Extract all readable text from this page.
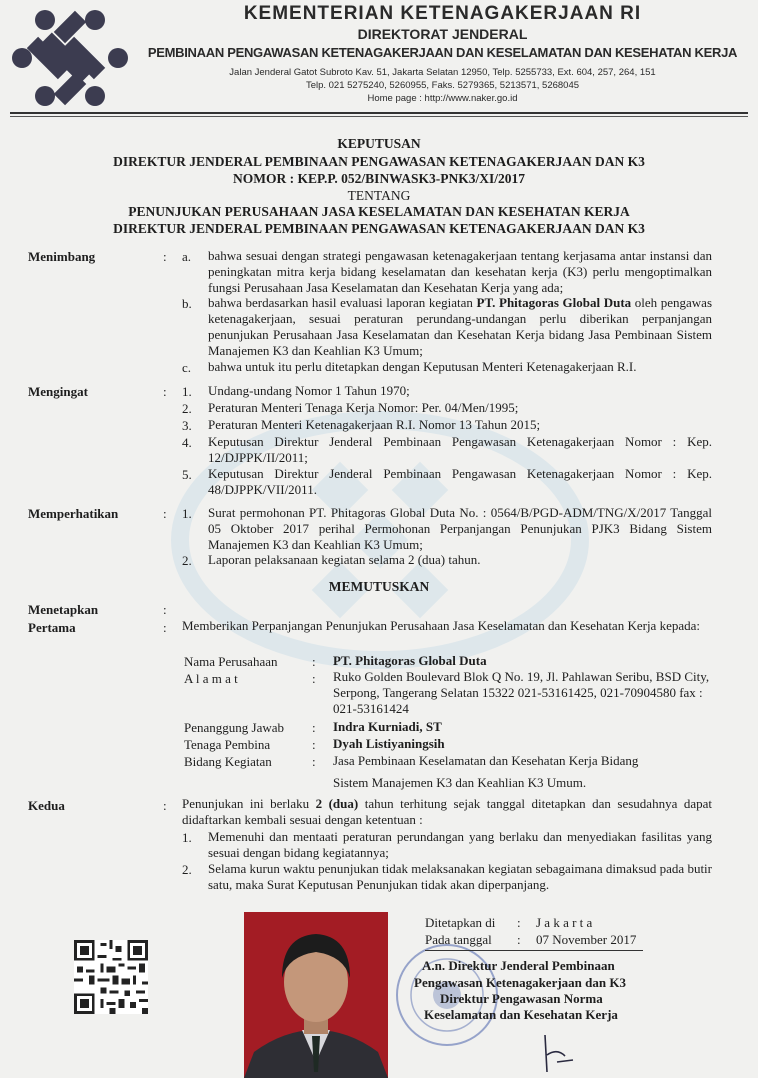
KEMENTERIAN KETENAGAKERJAAN RI
DIREKTORAT JENDERAL
PEMBINAAN PENGAWASAN KETENAGAKERJAAN DAN KESELAMATAN DAN KESEHATAN KERJA
Jalan Jenderal Gatot Subroto Kav. 51, Jakarta Selatan 12950, Telp. 5255733, Ext. 604, 257, 264, 151
Telp. 021 5275240, 5260955, Faks. 5279365, 5213571, 5268045
Home page : http://www.naker.go.id
KEPUTUSAN
DIREKTUR JENDERAL PEMBINAAN PENGAWASAN KETENAGAKERJAAN DAN K3
NOMOR : KEP.P. 052/BINWASK3-PNK3/XI/2017
TENTANG
PENUNJUKAN PERUSAHAAN JASA KESELAMATAN DAN KESEHATAN KERJA
DIREKTUR JENDERAL PEMBINAAN PENGAWASAN KETENAGAKERJAAN DAN K3
Menimbang	: a. bahwa sesuai dengan strategi pengawasan ketenagakerjaan tentang kerjasama antar instansi dan peningkatan mitra kerja bidang keselamatan dan kesehatan kerja (K3) perlu mengoptimalkan fungsi Perusahaan Jasa Keselamatan dan Kesehatan Kerja yang ada;
b. bahwa berdasarkan hasil evaluasi laporan kegiatan PT. Phitagoras Global Duta oleh pengawas ketenagakerjaan, sesuai peraturan perundang-undangan perlu diberikan perpanjangan penunjukan Perusahaan Jasa Keselamatan dan Kesehatan Kerja bidang Jasa Pembinaan Sistem Manajemen K3 dan Keahlian K3 Umum;
c. bahwa untuk itu perlu ditetapkan dengan Keputusan Menteri Ketenagakerjaan R.I.
Mengingat	: 1. Undang-undang Nomor 1 Tahun 1970;
2. Peraturan Menteri Tenaga Kerja Nomor: Per. 04/Men/1995;
3. Peraturan Menteri Ketenagakerjaan R.I. Nomor 13 Tahun 2015;
4. Keputusan Direktur Jenderal Pembinaan Pengawasan Ketenagakerjaan Nomor : Kep. 12/DJPPK/II/2011;
5. Keputusan Direktur Jenderal Pembinaan Pengawasan Ketenagakerjaan Nomor : Kep. 48/DJPPK/VII/2011.
Memperhatikan	: 1. Surat permohonan PT. Phitagoras Global Duta No. : 0564/B/PGD-ADM/TNG/X/2017 Tanggal 05 Oktober 2017 perihal Permohonan Perpanjangan Penunjukan PJK3 Bidang Sistem Manajemen K3 dan Keahlian K3 Umum;
2. Laporan pelaksanaan kegiatan selama 2 (dua) tahun.
MEMUTUSKAN
Menetapkan	:
Pertama	: Memberikan Perpanjangan Penunjukan Perusahaan Jasa Keselamatan dan Kesehatan Kerja kepada:
Nama Perusahaan	: PT. Phitagoras Global Duta
A l a m a t	: Ruko Golden Boulevard Blok Q No. 19, Jl. Pahlawan Seribu, BSD City, Serpong, Tangerang Selatan 15322 021-53161425, 021-70904580 fax : 021-53161424
Penanggung Jawab : Indra Kurniadi, ST
Tenaga Pembina	: Dyah Listiyaningsih
Bidang Kegiatan	: Jasa Pembinaan Keselamatan dan Kesehatan Kerja Bidang
Sistem Manajemen K3 dan Keahlian K3 Umum.
Kedua	: Penunjukan ini berlaku 2 (dua) tahun terhitung sejak tanggal ditetapkan dan sesudahnya dapat didaftarkan kembali sesuai dengan ketentuan :
1. Memenuhi dan mentaati peraturan perundangan yang berlaku dan menyediakan fasilitas yang sesuai dengan bidang kegiatannya;
2. Selama kurun waktu penunjukan tidak melaksanakan kegiatan sebagaimana dimaksud pada butir satu, maka Surat Keputusan Penunjukan tidak akan diperpanjang.
Ditetapkan di : J a k a r t a
Pada tanggal : 07 November 2017
A.n. Direktur Jenderal Pembinaan
Pengawasan Ketenagakerjaan dan K3
Direktur Pengawasan Norma
Keselamatan dan Kesehatan Kerja
